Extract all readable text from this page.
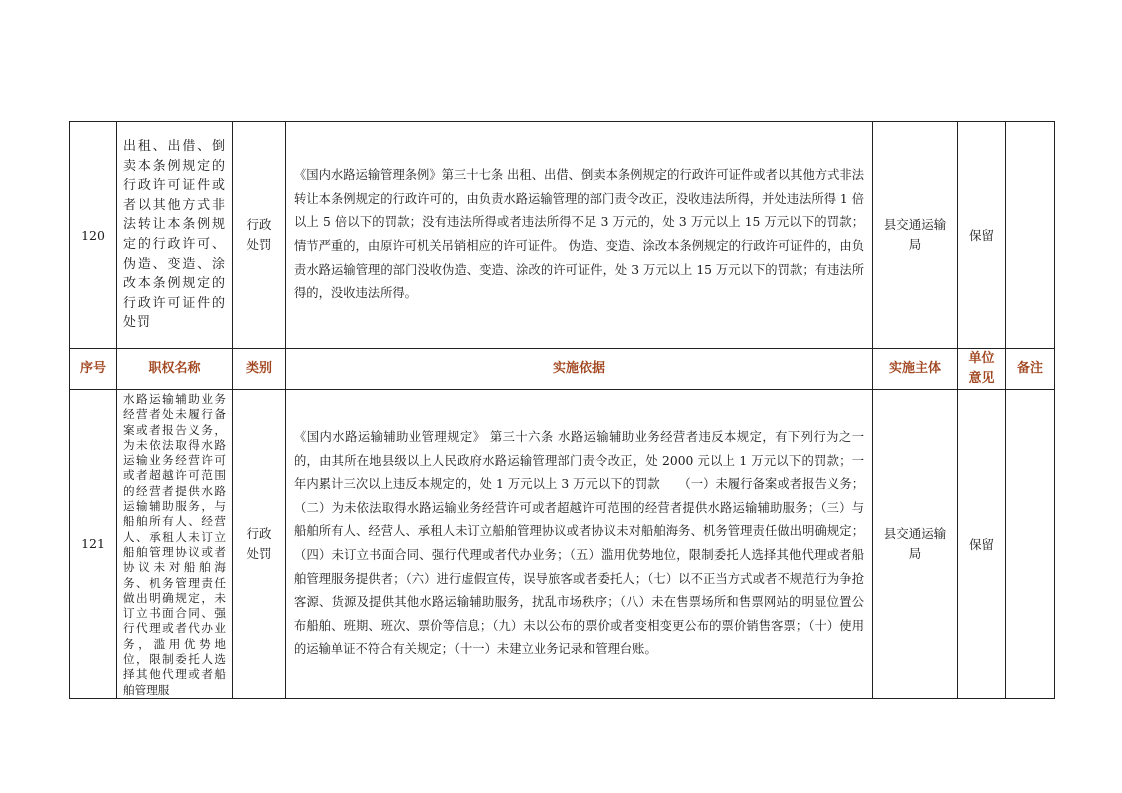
120	出租、出借、倒卖本条例规定的行政许可证件或者以其他方式非法转让本条例规定的行政许可、伪造、变造、涂改本条例规定的行政许可证件的处罚	行政处罚	《国内水路运输管理条例》第三十七条 出租、出借、倒卖本条例规定的行政许可证件或者以其他方式非法转让本条例规定的行政许可的，由负责水路运输管理的部门责令改正，没收违法所得，并处违法所得 1 倍以上 5 倍以下的罚款；没有违法所得或者违法所得不足 3 万元的，处 3 万元以上 15 万元以下的罚款；情节严重的，由原许可机关吊销相应的许可证件。 伪造、变造、涂改本条例规定的行政许可证件的，由负责水路运输管理的部门没收伪造、变造、涂改的许可证件，处 3 万元以上 15 万元以下的罚款；有违法所得的，没收违法所得。	县交通运输局	保留	
序号	职权名称	类别	实施依据	实施主体	单位意见	备注
121	水路运输辅助业务经营者处未履行备案或者报告义务，为未依法取得水路运输业务经营许可或者超越许可范围的经营者提供水路运输辅助服务，与船舶所有人、经营人、承租人未订立船舶管理协议或者协议未对船舶海务、机务管理责任做出明确规定，未订立书面合同、强行代理或者代办业务，滥用优势地位，限制委托人选择其他代理或者船舶管理服	行政处罚	《国内水路运输辅助业管理规定》 第三十六条 水路运输辅助业务经营者违反本规定，有下列行为之一的，由其所在地县级以上人民政府水路运输管理部门责令改正，处 2000 元以上 1 万元以下的罚款；一年内累计三次以上违反本规定的，处 1 万元以上 3 万元以下的罚款　　（一）未履行备案或者报告义务；（二）为未依法取得水路运输业务经营许可或者超越许可范围的经营者提供水路运输辅助服务；（三）与船舶所有人、经营人、承租人未订立船舶管理协议或者协议未对船舶海务、机务管理责任做出明确规定；（四）未订立书面合同、强行代理或者代办业务；（五）滥用优势地位，限制委托人选择其他代理或者船舶管理服务提供者；（六）进行虚假宣传，误导旅客或者委托人；（七）以不正当方式或者不规范行为争抢客源、货源及提供其他水路运输辅助服务，扰乱市场秩序；（八）未在售票场所和售票网站的明显位置公布船舶、班期、班次、票价等信息；（九）未以公布的票价或者变相变更公布的票价销售客票；（十）使用的运输单证不符合有关规定；（十一）未建立业务记录和管理台账。	县交通运输局	保留	
